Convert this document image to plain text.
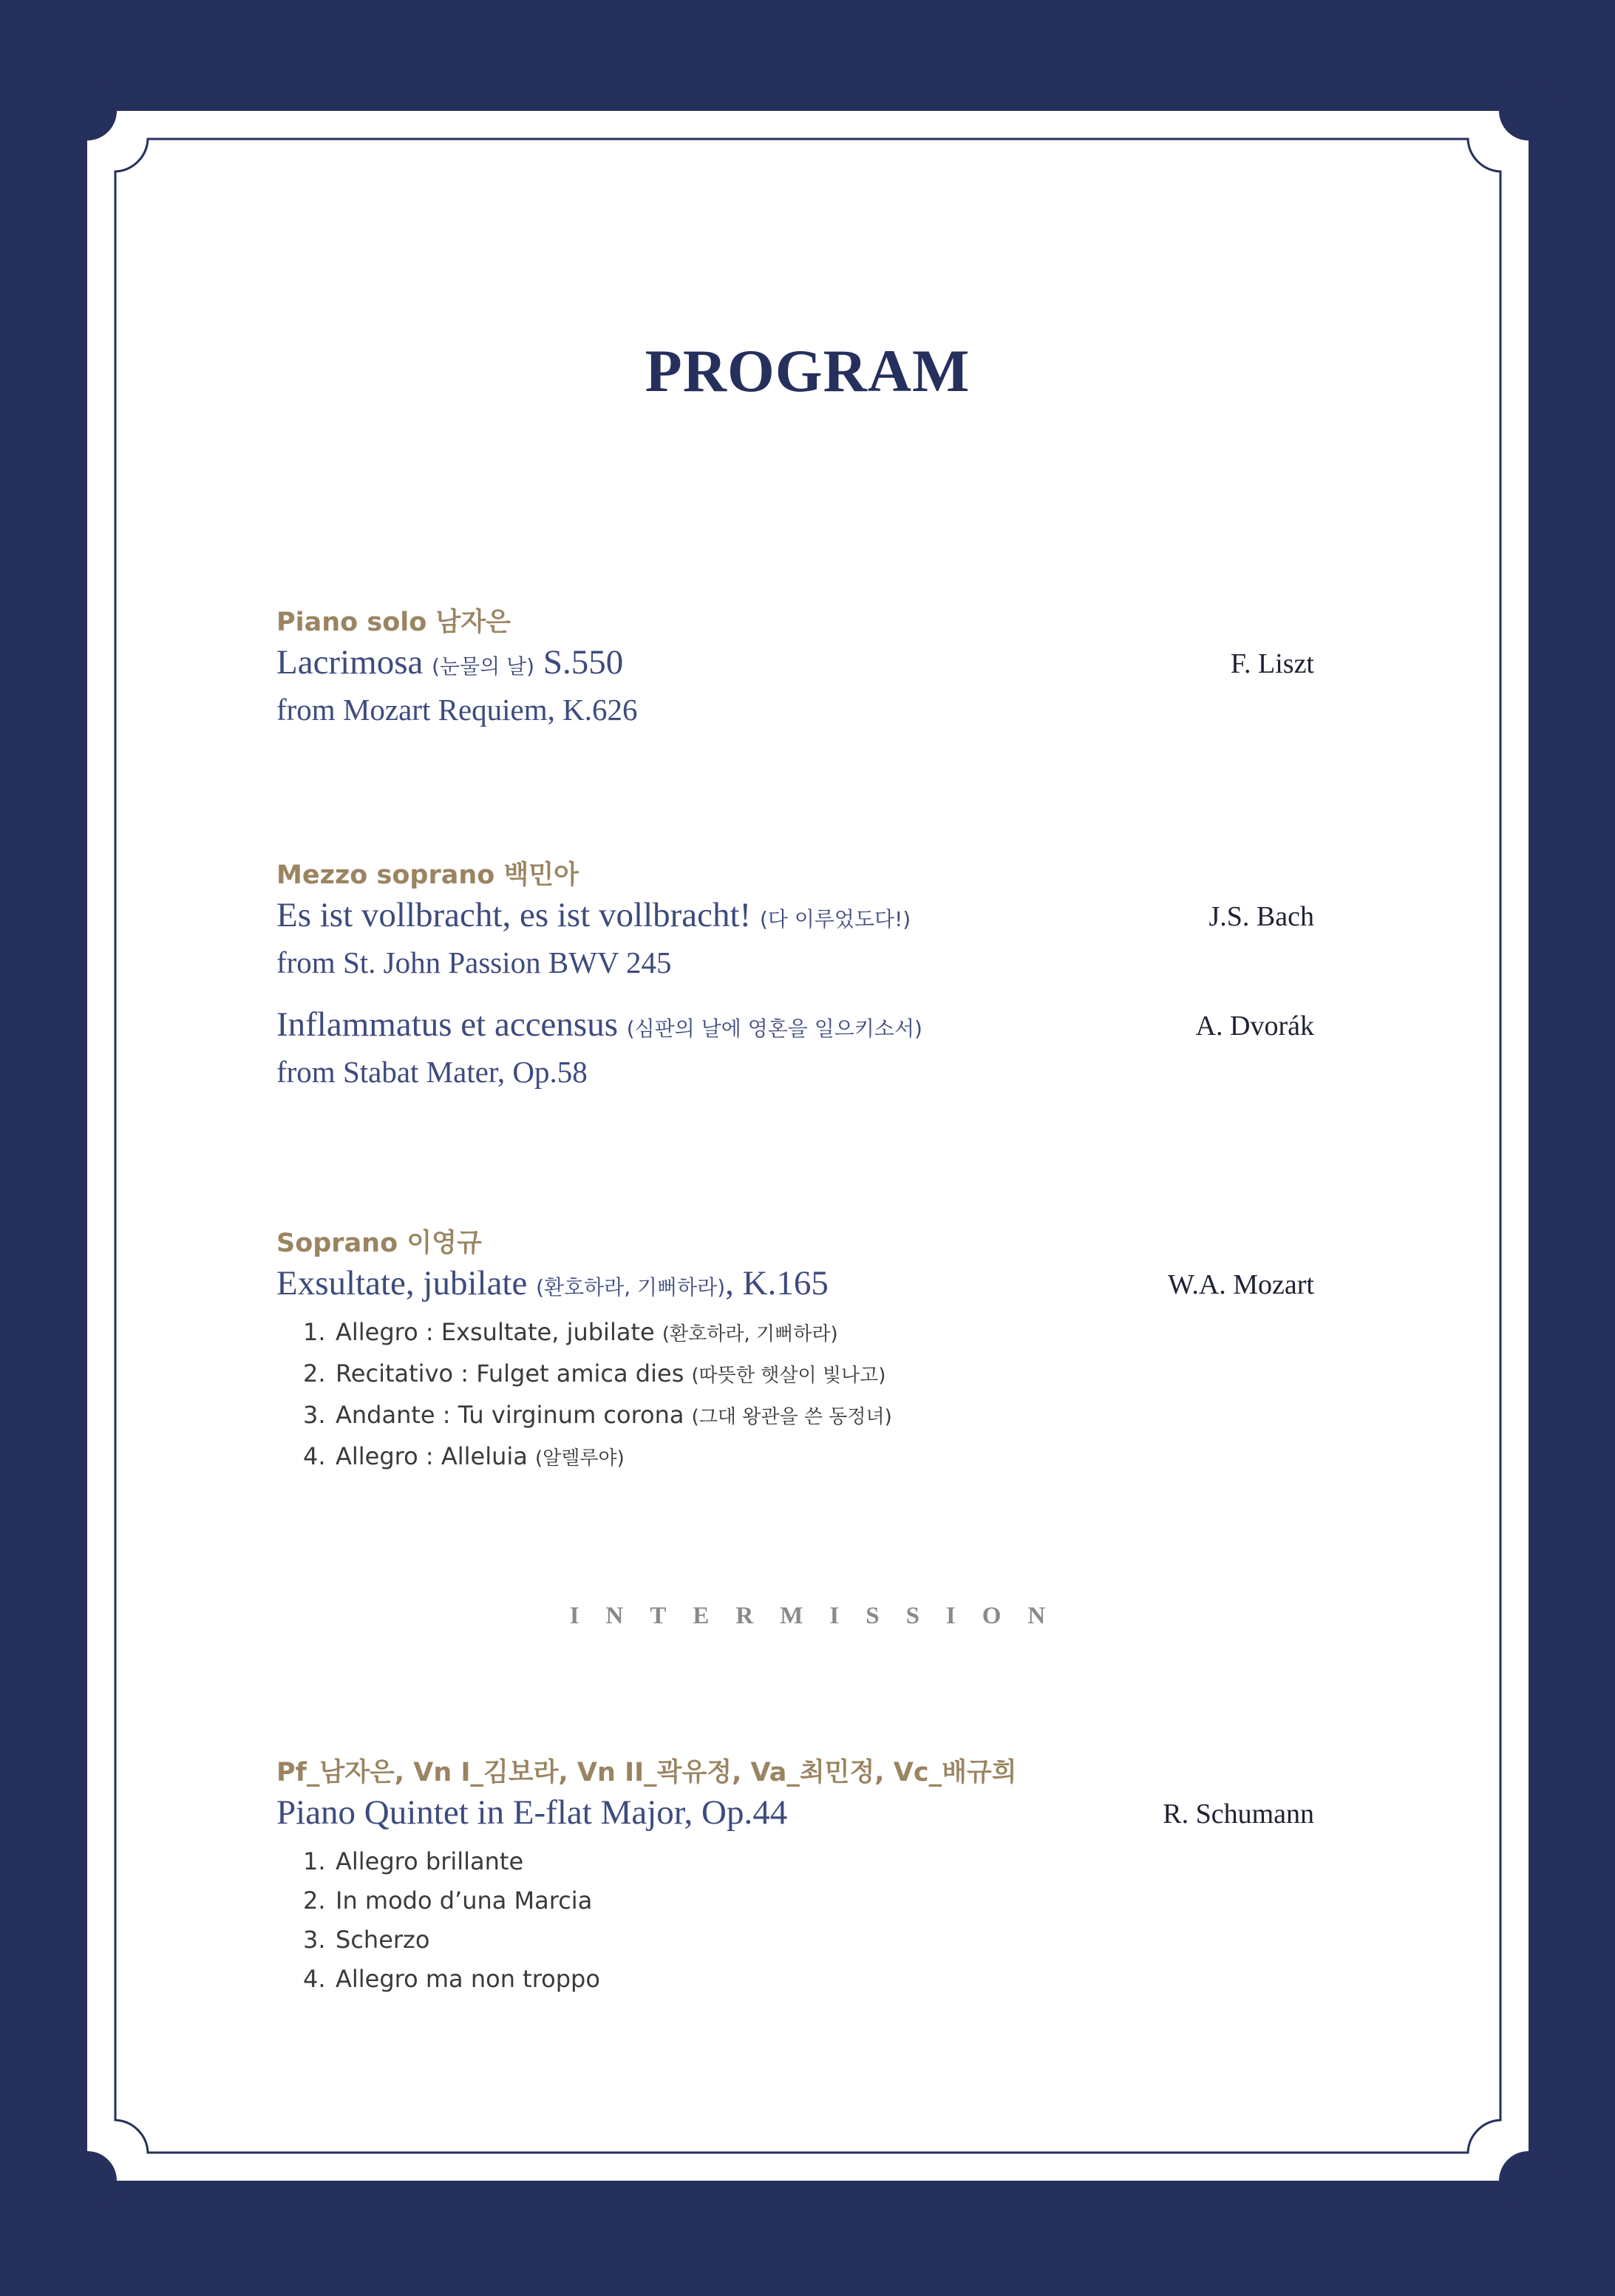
PROGRAM
Piano solo 남자은
Lacrimosa (눈물의 날) S.550	F. Liszt
from Mozart Requiem, K.626
Mezzo soprano 백민아
Es ist vollbracht, es ist vollbracht! (다 이루었도다!)	J.S. Bach
from St. John Passion BWV 245
Inflammatus et accensus (심판의 날에 영혼을 일으키소서)	A. Dvorák
from Stabat Mater, Op.58
Soprano 이영규
Exsultate, jubilate (환호하라, 기뻐하라), K.165	W.A. Mozart
1. Allegro : Exsultate, jubilate (환호하라, 기뻐하라)
2. Recitativo : Fulget amica dies (따뜻한 햇살이 빛나고)
3. Andante : Tu virginum corona (그대 왕관을 쓴 동정녀)
4. Allegro : Alleluia (알렐루야)
INTERMISSION
Pf_남자은, Vn I_김보라, Vn II_곽유정, Va_최민정, Vc_배규희
Piano Quintet in E-flat Major, Op.44	R. Schumann
1. Allegro brillante
2. In modo d’una Marcia
3. Scherzo
4. Allegro ma non troppo
